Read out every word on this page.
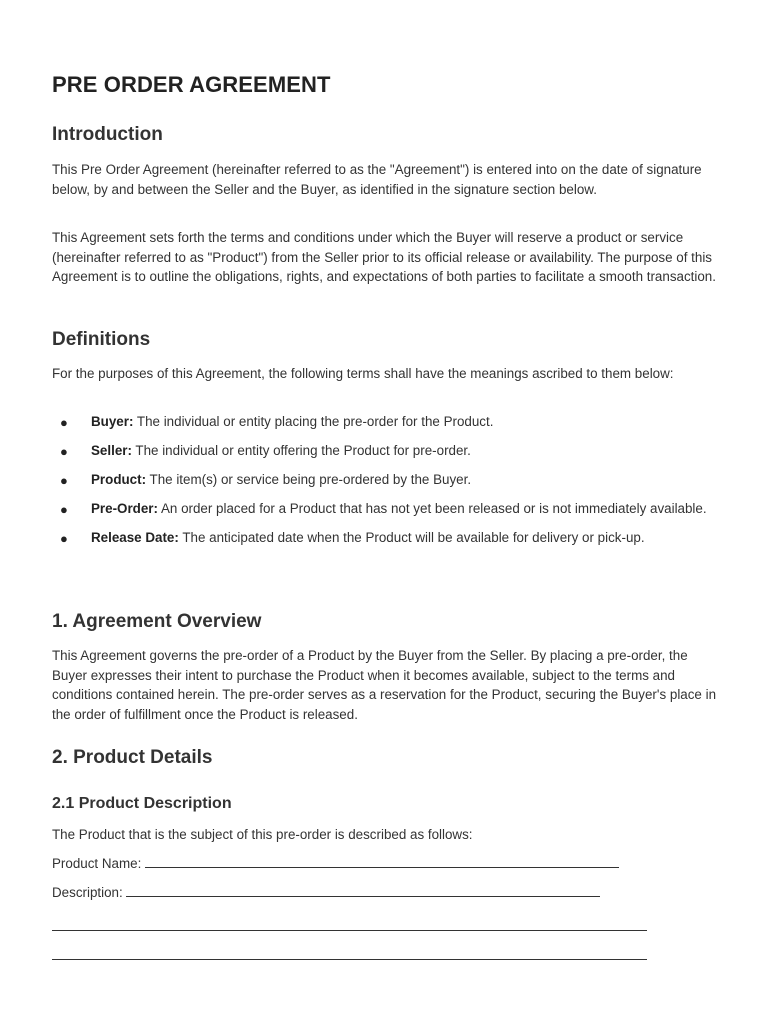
PRE ORDER AGREEMENT
Introduction

This Pre Order Agreement (hereinafter referred to as the "Agreement") is entered into on the date of signature below, by and between the Seller and the Buyer, as identified in the signature section below.

This Agreement sets forth the terms and conditions under which the Buyer will reserve a product or service (hereinafter referred to as "Product") from the Seller prior to its official release or availability. The purpose of this Agreement is to outline the obligations, rights, and expectations of both parties to facilitate a smooth transaction.

Definitions

For the purposes of this Agreement, the following terms shall have the meanings ascribed to them below:

● Buyer: The individual or entity placing the pre-order for the Product.
● Seller: The individual or entity offering the Product for pre-order.
● Product: The item(s) or service being pre-ordered by the Buyer.
● Pre-Order: An order placed for a Product that has not yet been released or is not immediately available.
● Release Date: The anticipated date when the Product will be available for delivery or pick-up.
1. Agreement Overview

This Agreement governs the pre-order of a Product by the Buyer from the Seller. By placing a pre-order, the Buyer expresses their intent to purchase the Product when it becomes available, subject to the terms and conditions contained herein. The pre-order serves as a reservation for the Product, securing the Buyer's place in the order of fulfillment once the Product is released.

2. Product Details
2.1 Product Description

The Product that is the subject of this pre-order is described as follows:

Product Name:
Description:
